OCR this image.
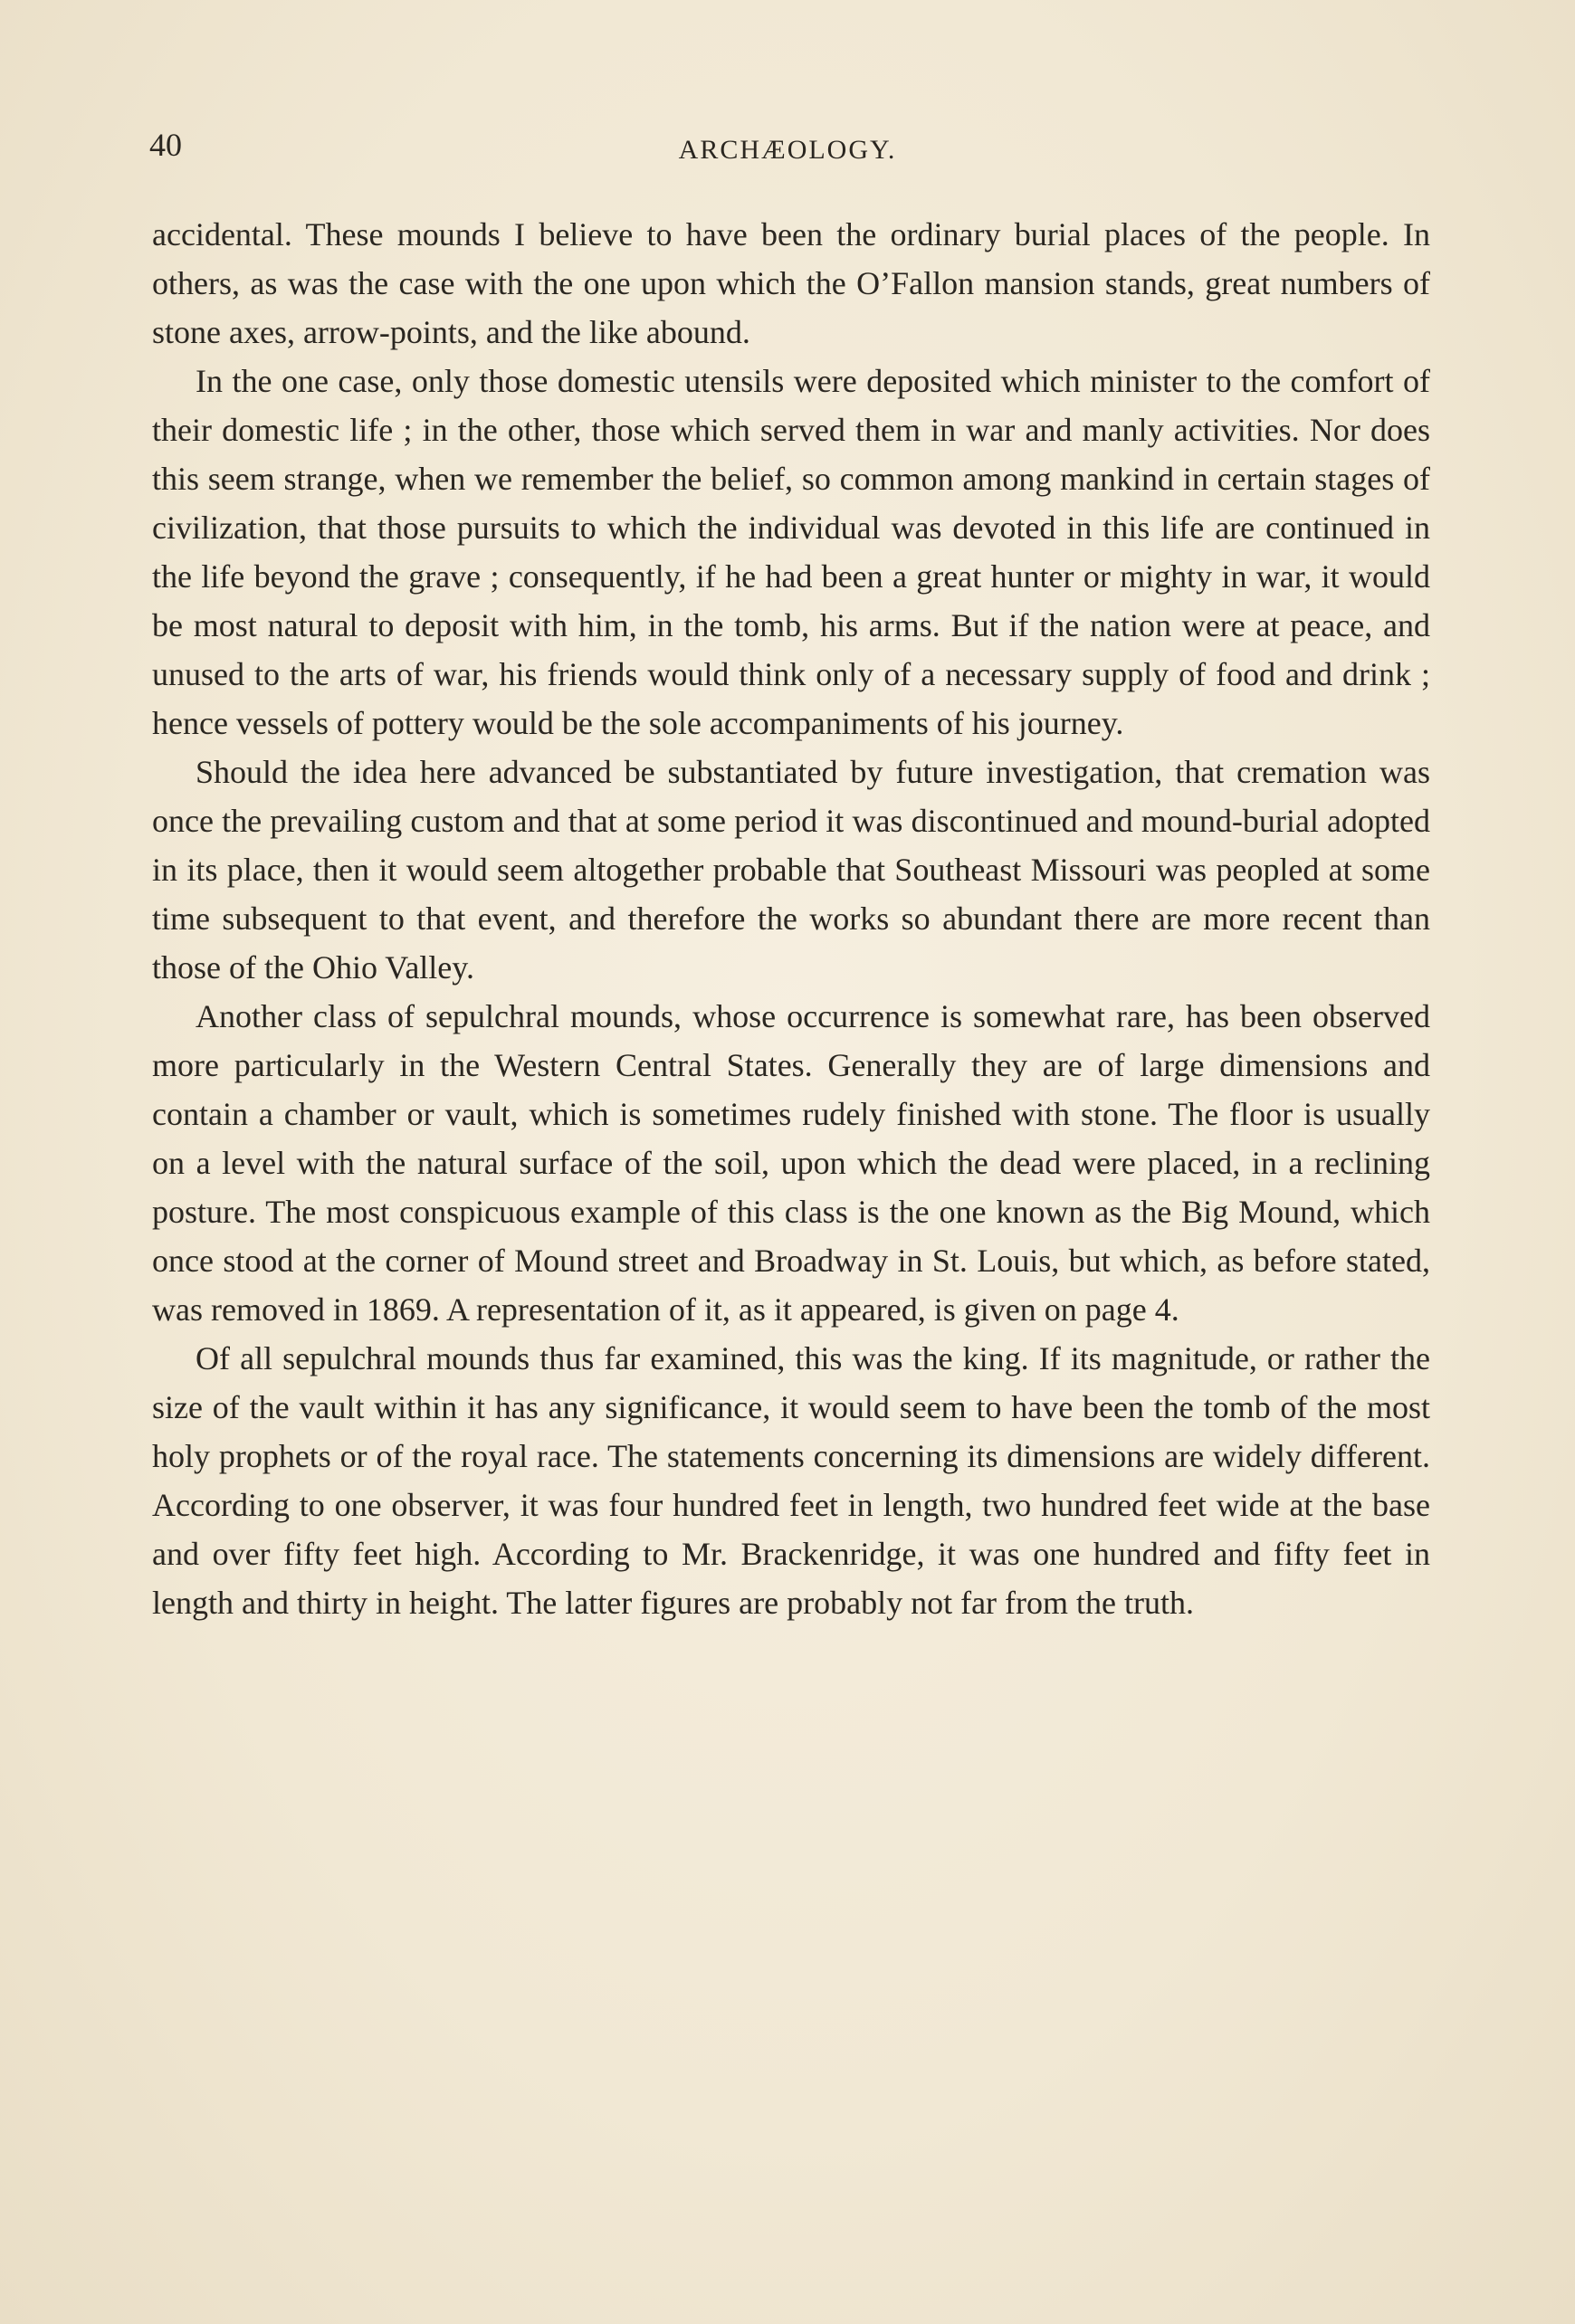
40	ARCHÆOLOGY.

accidental. These mounds I believe to have been the ordinary burial places of the people. In others, as was the case with the one upon which the O’Fallon mansion stands, great numbers of stone axes, arrow-points, and the like abound.

In the one case, only those domestic utensils were deposited which minister to the comfort of their domestic life ; in the other, those which served them in war and manly activities. Nor does this seem strange, when we remember the belief, so common among mankind in certain stages of civilization, that those pursuits to which the individual was devoted in this life are continued in the life beyond the grave ; consequently, if he had been a great hunter or mighty in war, it would be most natural to deposit with him, in the tomb, his arms. But if the nation were at peace, and unused to the arts of war, his friends would think only of a necessary supply of food and drink ; hence vessels of pottery would be the sole accompaniments of his journey.

Should the idea here advanced be substantiated by future investigation, that cremation was once the prevailing custom and that at some period it was discontinued and mound-burial adopted in its place, then it would seem altogether probable that Southeast Missouri was peopled at some time subsequent to that event, and therefore the works so abundant there are more recent than those of the Ohio Valley.

Another class of sepulchral mounds, whose occurrence is somewhat rare, has been observed more particularly in the Western Central States. Generally they are of large dimensions and contain a chamber or vault, which is sometimes rudely finished with stone. The floor is usually on a level with the natural surface of the soil, upon which the dead were placed, in a reclining posture. The most conspicuous example of this class is the one known as the Big Mound, which once stood at the corner of Mound street and Broadway in St. Louis, but which, as before stated, was removed in 1869. A representation of it, as it appeared, is given on page 4.

Of all sepulchral mounds thus far examined, this was the king. If its magnitude, or rather the size of the vault within it has any significance, it would seem to have been the tomb of the most holy prophets or of the royal race. The statements concerning its dimensions are widely different. According to one observer, it was four hundred feet in length, two hundred feet wide at the base and over fifty feet high. According to Mr. Brackenridge, it was one hundred and fifty feet in length and thirty in height. The latter figures are probably not far from the truth.
